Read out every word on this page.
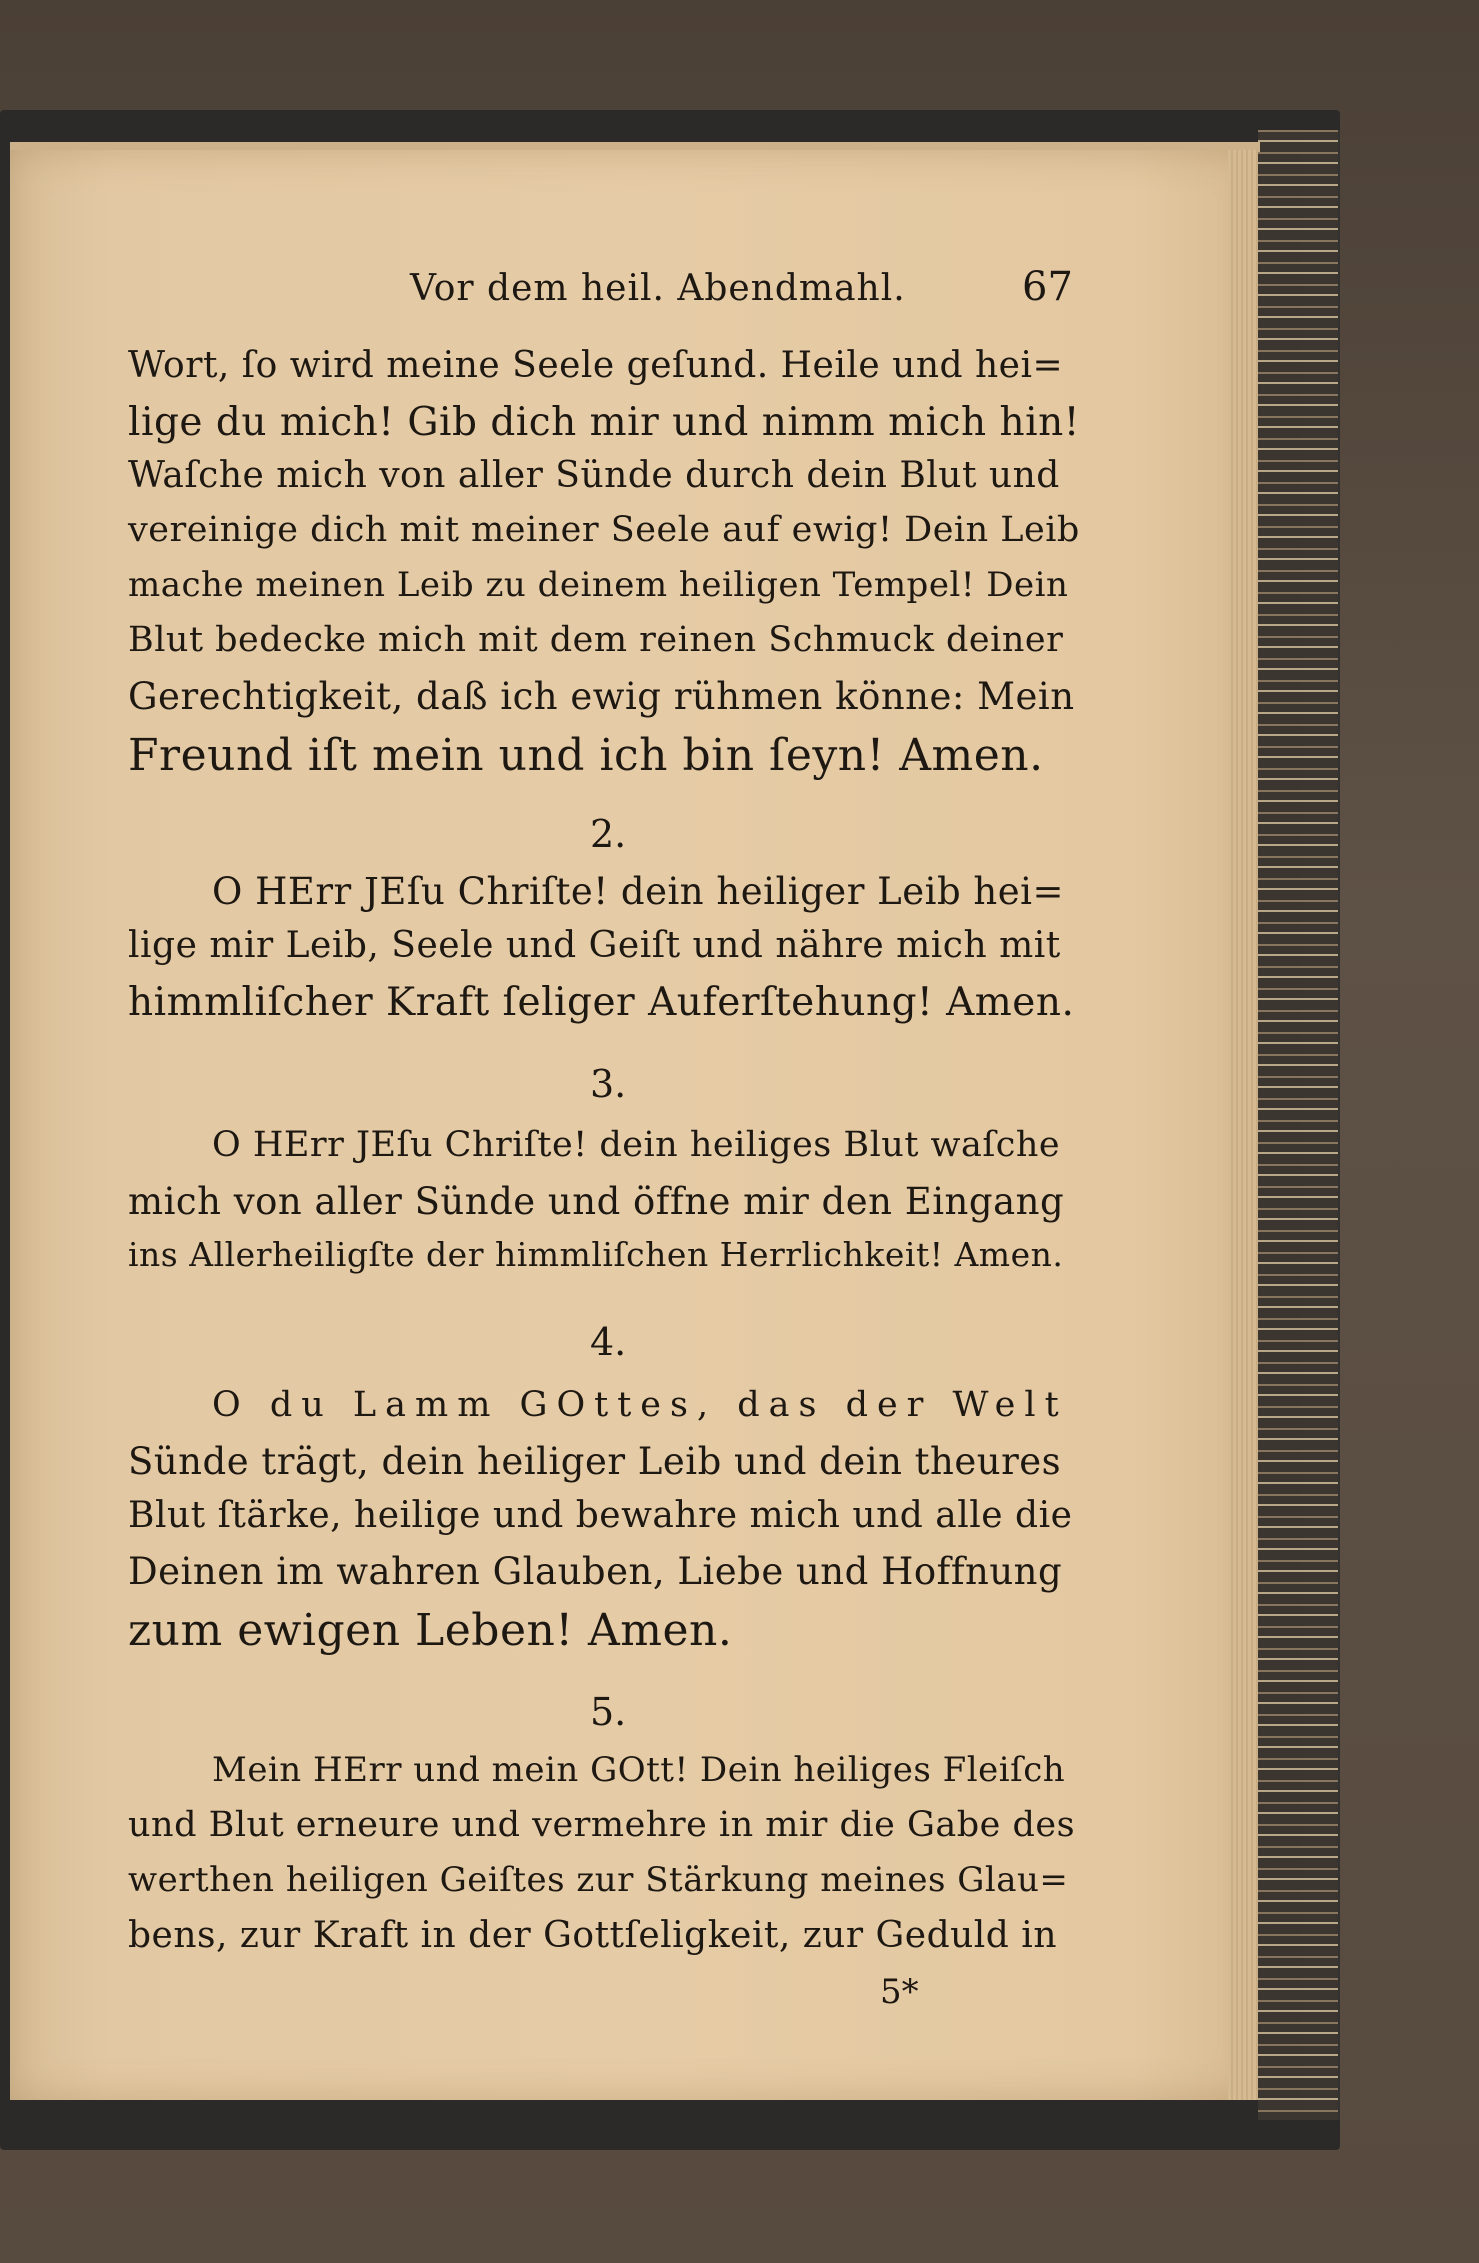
Vor dem heil. Abendmahl.	67
Wort, ſo wird meine Seele geſund. Heile und hei=
lige du mich! Gib dich mir und nimm mich hin!
Waſche mich von aller Sünde durch dein Blut und
vereinige dich mit meiner Seele auf ewig! Dein Leib
mache meinen Leib zu deinem heiligen Tempel! Dein
Blut bedecke mich mit dem reinen Schmuck deiner
Gerechtigkeit, daß ich ewig rühmen könne: Mein
Freund iſt mein und ich bin ſeyn! Amen.
2.
O HErr JEſu Chriſte! dein heiliger Leib hei=
lige mir Leib, Seele und Geiſt und nähre mich mit
himmliſcher Kraft ſeliger Auferſtehung! Amen.
3.
O HErr JEſu Chriſte! dein heiliges Blut waſche
mich von aller Sünde und öffne mir den Eingang
ins Allerheiligſte der himmliſchen Herrlichkeit! Amen.
4.
O du Lamm GOttes, das der Welt
Sünde trägt, dein heiliger Leib und dein theures
Blut ſtärke, heilige und bewahre mich und alle die
Deinen im wahren Glauben, Liebe und Hoffnung
zum ewigen Leben! Amen.
5.
Mein HErr und mein GOtt! Dein heiliges Fleiſch
und Blut erneure und vermehre in mir die Gabe des
werthen heiligen Geiſtes zur Stärkung meines Glau=
bens, zur Kraft in der Gottſeligkeit, zur Geduld in
5*
